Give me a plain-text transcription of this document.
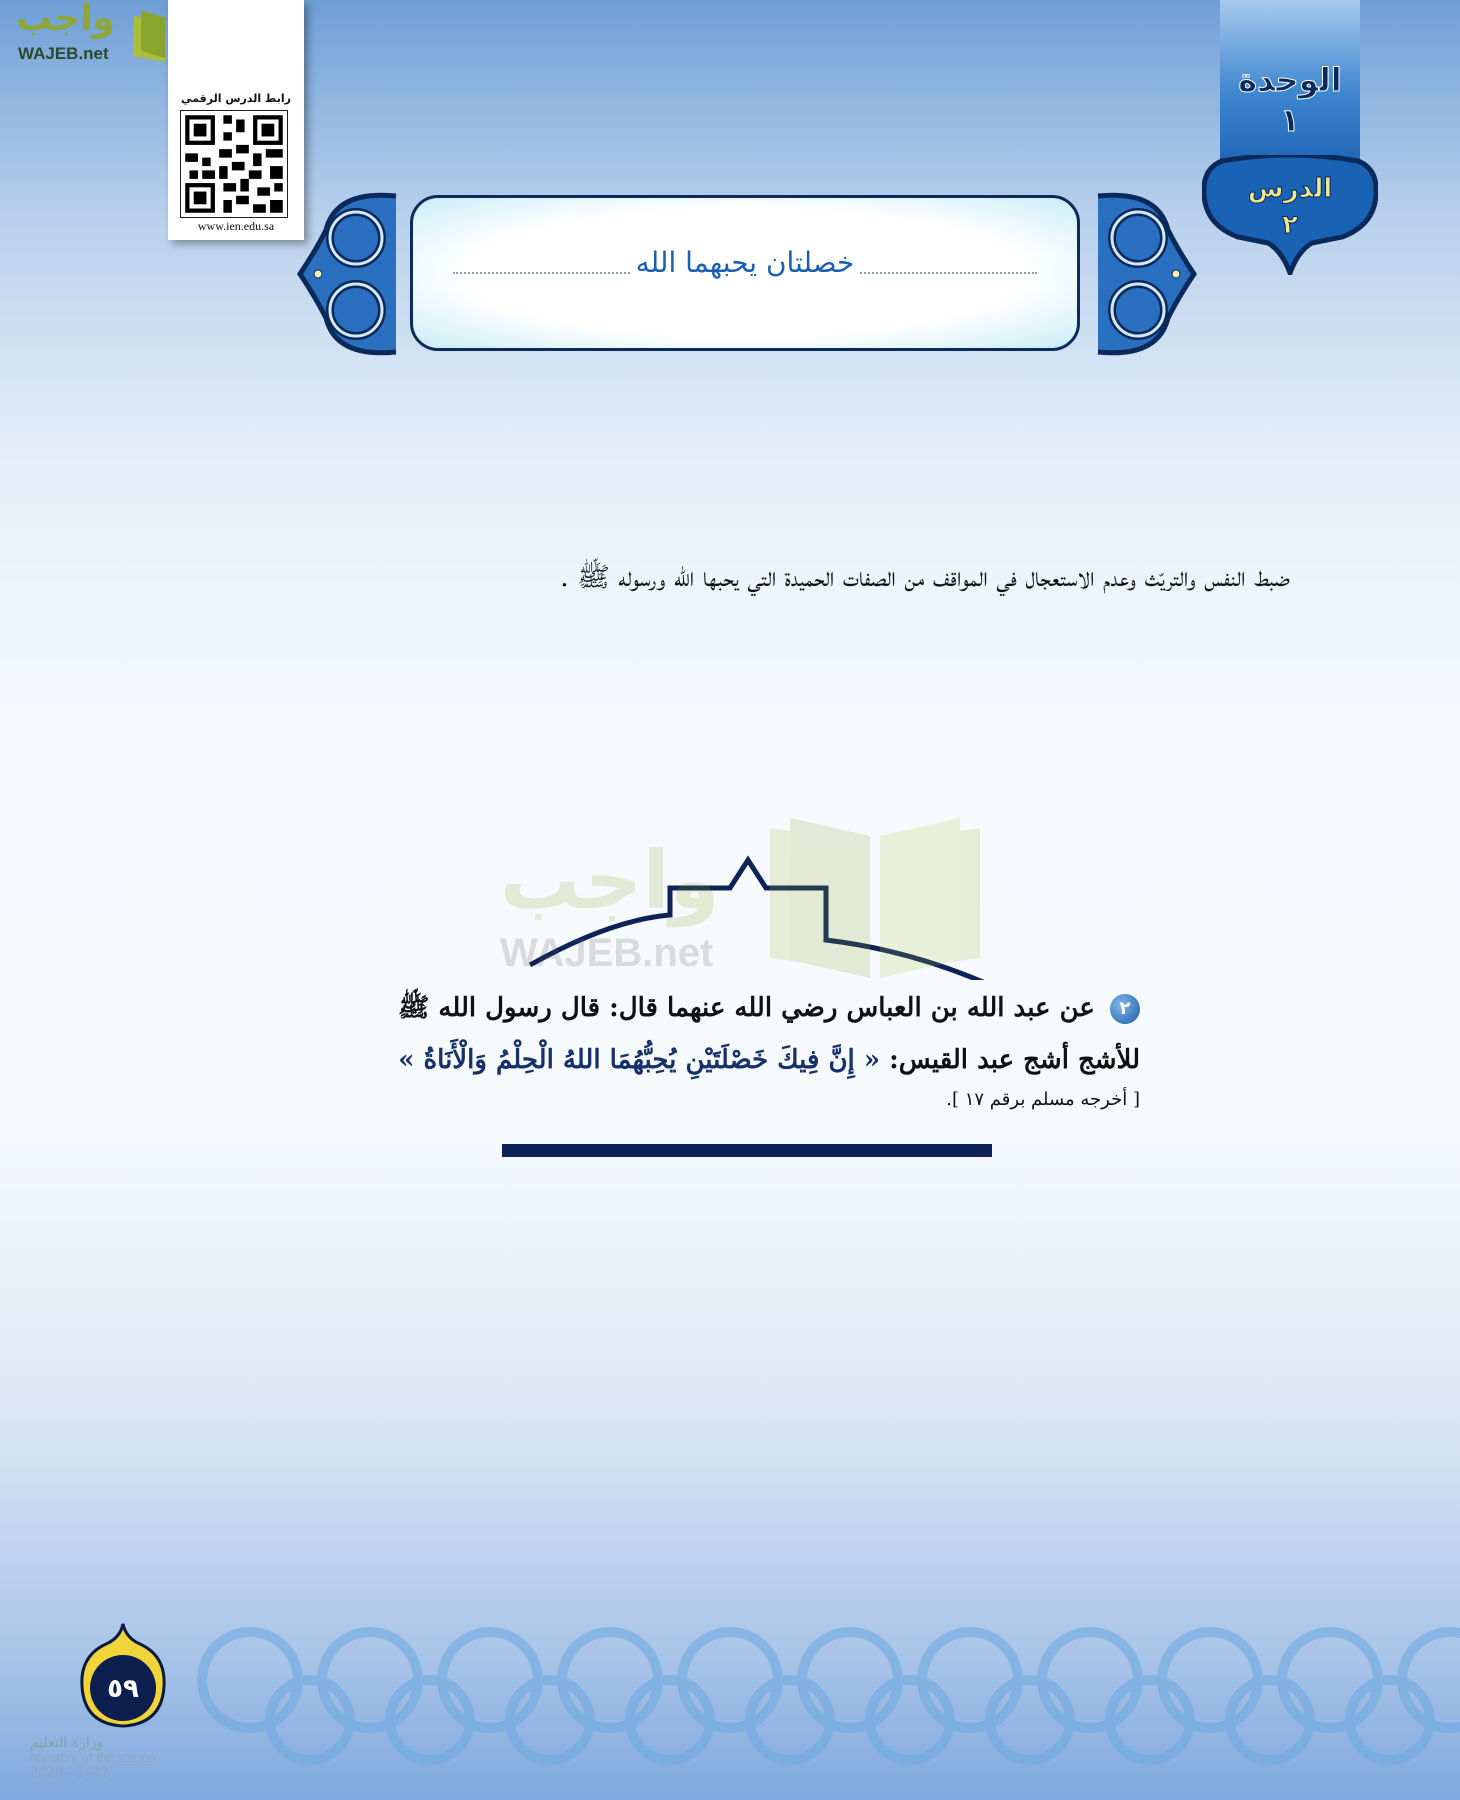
واجب
WAJEB.net
رابط الدرس الرقمي
www.ien.edu.sa
الوحدة
١
الدرس
٢
خصلتان يحبهما الله
ضبط النفس والتريّث وعدم الاستعجال في المواقف من الصفات الحميدة التي يحبها الله ورسوله ﷺ .
واجب
WAJEB.net
٢ عن عبد الله بن العباس رضي الله عنهما قال: قال رسول الله ﷺ للأشج أشج عبد القيس: « إِنَّ فِيكَ خَصْلَتَيْنِ يُحِبُّهُمَا اللهُ الْحِلْمُ وَالْأَنَاةُ »
[ أخرجه مسلم برقم ١٧ ].
٥٩
وزارة التعليم
Ministry of Education
2020 - 1442
